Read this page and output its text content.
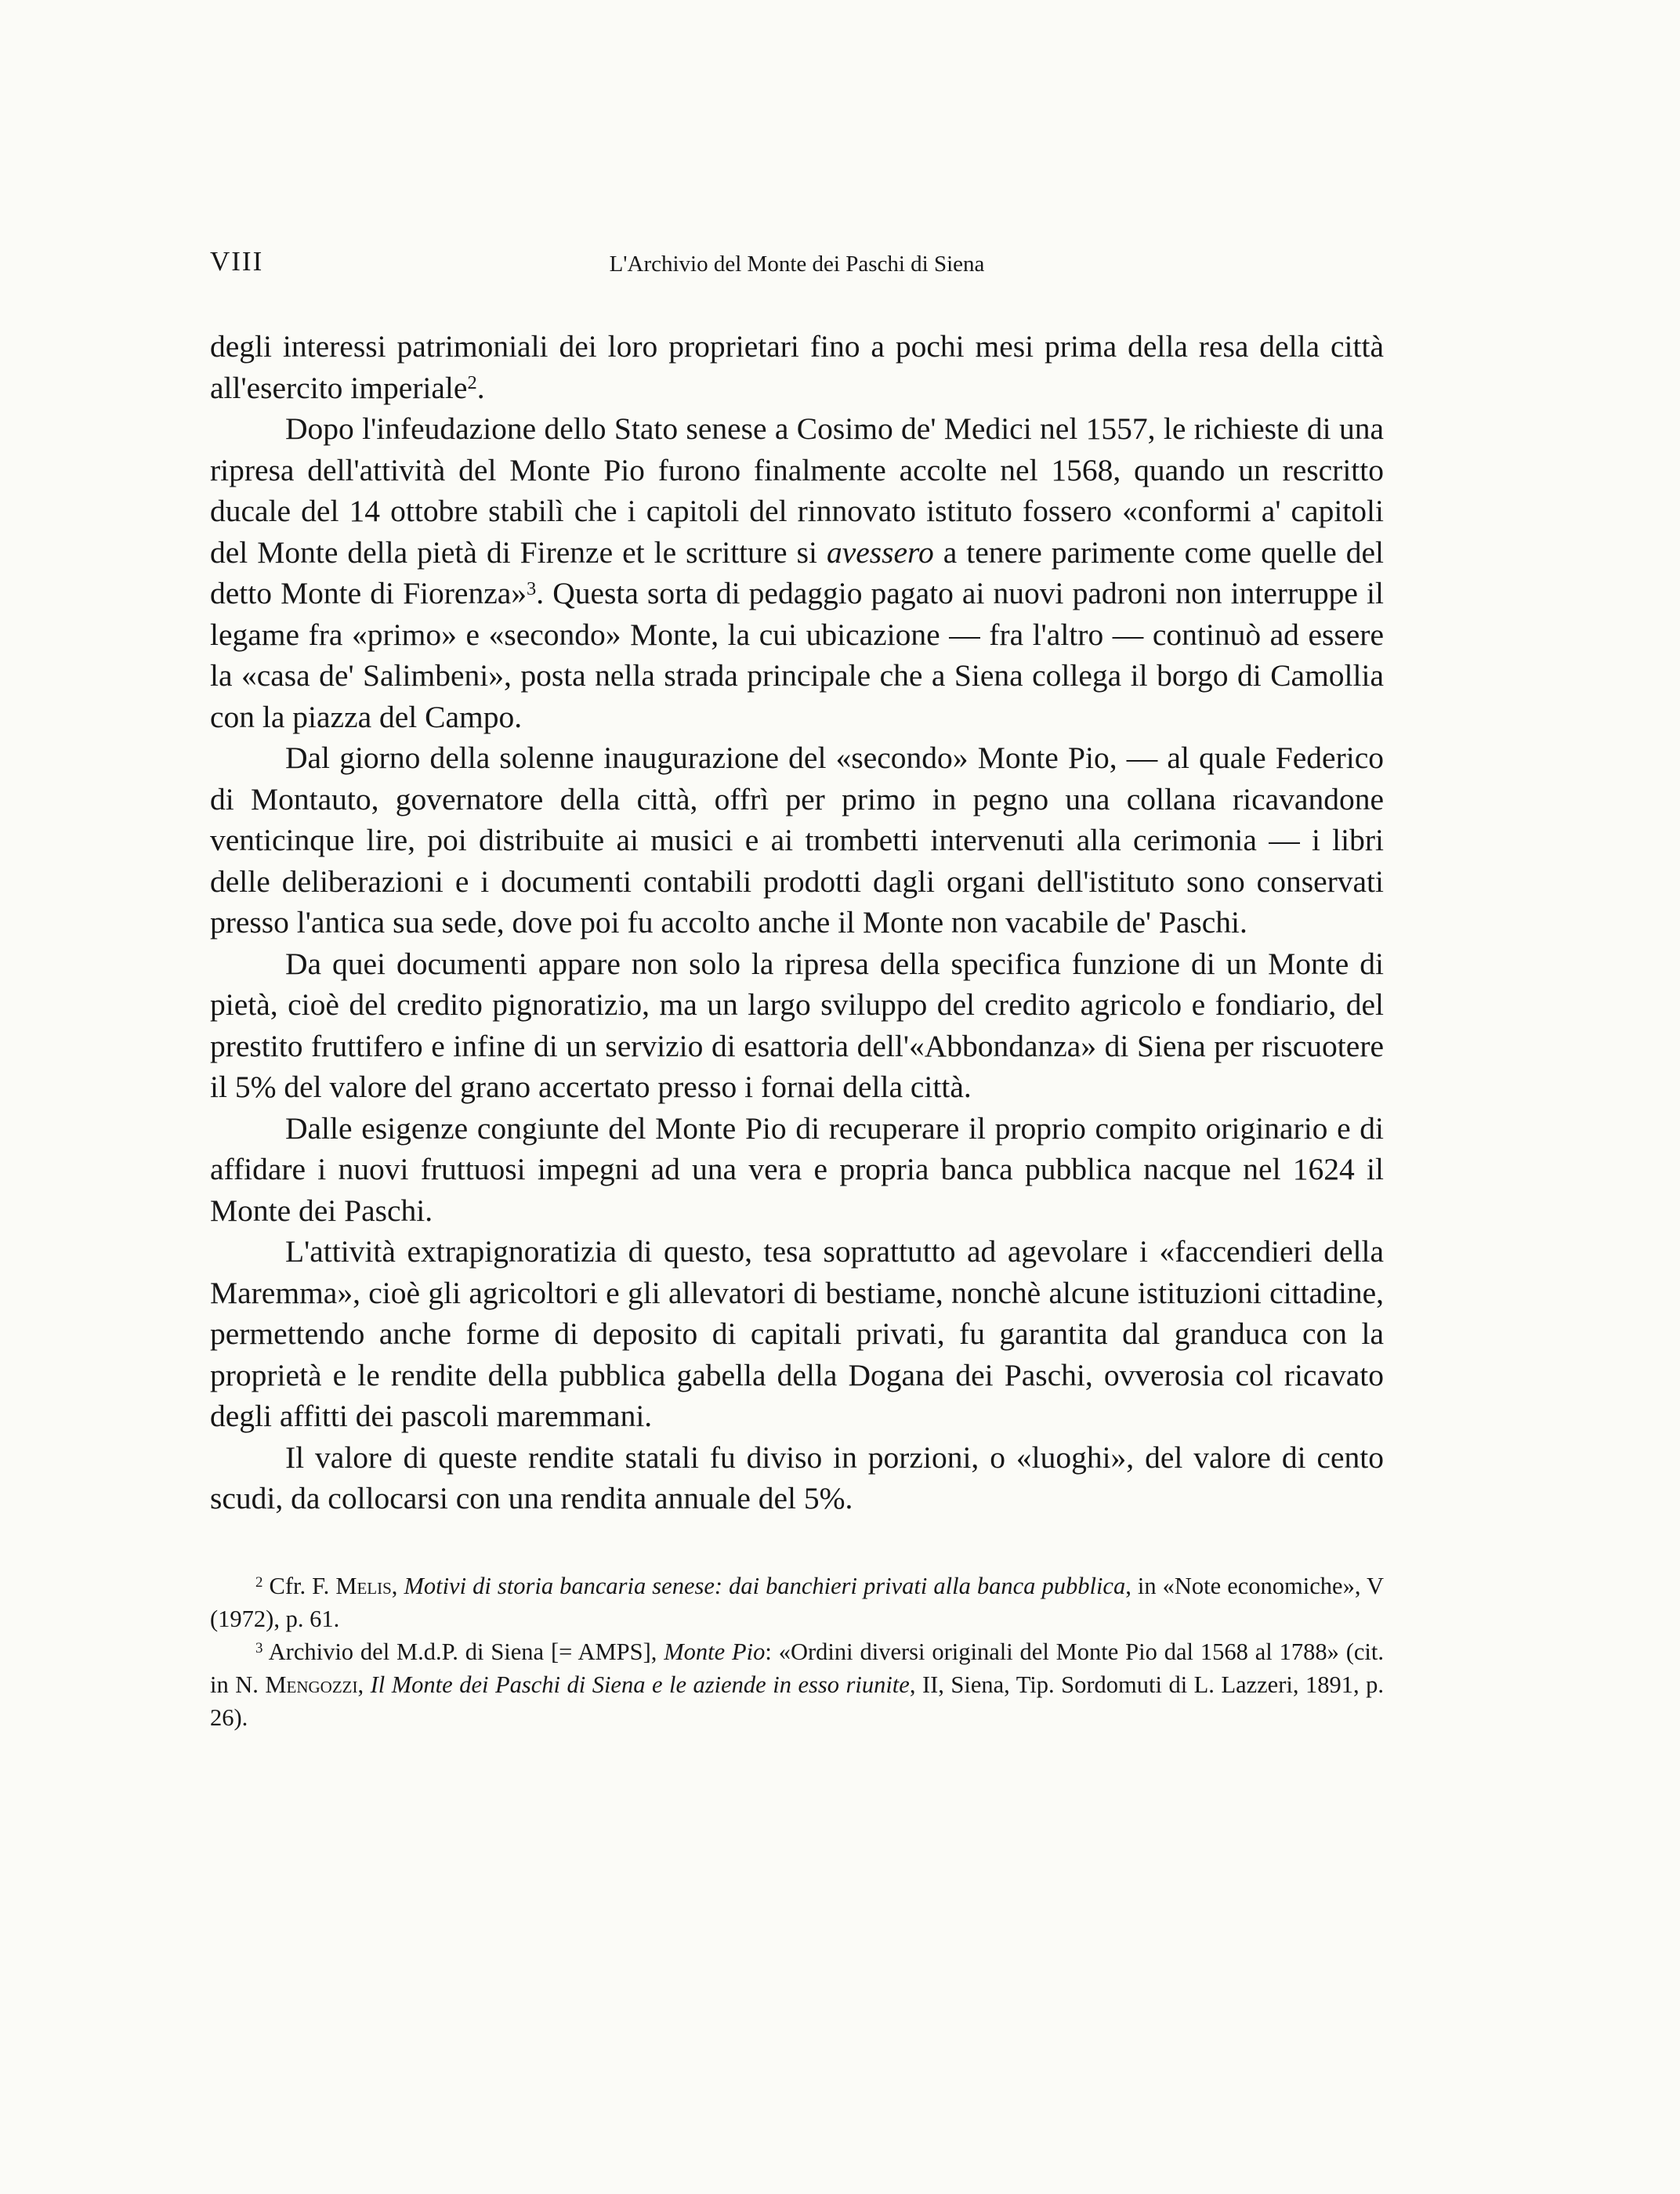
VIII	L'Archivio del Monte dei Paschi di Siena

degli interessi patrimoniali dei loro proprietari fino a pochi mesi prima della resa della città all'esercito imperiale$^2$.

Dopo l'infeudazione dello Stato senese a Cosimo de' Medici nel 1557, le richieste di una ripresa dell'attività del Monte Pio furono finalmente accolte nel 1568, quando un rescritto ducale del 14 ottobre stabilì che i capitoli del rinnovato istituto fossero «conformi a' capitoli del Monte della pietà di Firenze et le scritture si avessero a tenere parimente come quelle del detto Monte di Fiorenza»$^3$. Questa sorta di pedaggio pagato ai nuovi padroni non interruppe il legame fra «primo» e «secondo» Monte, la cui ubicazione — fra l'altro — continuò ad essere la «casa de' Salimbeni», posta nella strada principale che a Siena collega il borgo di Camollia con la piazza del Campo.

Dal giorno della solenne inaugurazione del «secondo» Monte Pio, — al quale Federico di Montauto, governatore della città, offrì per primo in pegno una collana ricavandone venticinque lire, poi distribuite ai musici e ai trombetti intervenuti alla cerimonia — i libri delle deliberazioni e i documenti contabili prodotti dagli organi dell'istituto sono conservati presso l'antica sua sede, dove poi fu accolto anche il Monte non vacabile de' Paschi.

Da quei documenti appare non solo la ripresa della specifica funzione di un Monte di pietà, cioè del credito pignoratizio, ma un largo sviluppo del credito agricolo e fondiario, del prestito fruttifero e infine di un servizio di esattoria dell'«Abbondanza» di Siena per riscuotere il 5% del valore del grano accertato presso i fornai della città.

Dalle esigenze congiunte del Monte Pio di recuperare il proprio compito originario e di affidare i nuovi fruttuosi impegni ad una vera e propria banca pubblica nacque nel 1624 il Monte dei Paschi.

L'attività extrapignoratizia di questo, tesa soprattutto ad agevolare i «faccendieri della Maremma», cioè gli agricoltori e gli allevatori di bestiame, nonchè alcune istituzioni cittadine, permettendo anche forme di deposito di capitali privati, fu garantita dal granduca con la proprietà e le rendite della pubblica gabella della Dogana dei Paschi, ovverosia col ricavato degli affitti dei pascoli maremmani.

Il valore di queste rendite statali fu diviso in porzioni, o «luoghi», del valore di cento scudi, da collocarsi con una rendita annuale del 5%.

$^2$ Cfr. F. Melis, Motivi di storia bancaria senese: dai banchieri privati alla banca pubblica, in «Note economiche», V (1972), p. 61.

$^3$ Archivio del M.d.P. di Siena [= AMPS], Monte Pio: «Ordini diversi originali del Monte Pio dal 1568 al 1788» (cit. in N. Mengozzi, Il Monte dei Paschi di Siena e le aziende in esso riunite, II, Siena, Tip. Sordomuti di L. Lazzeri, 1891, p. 26).
